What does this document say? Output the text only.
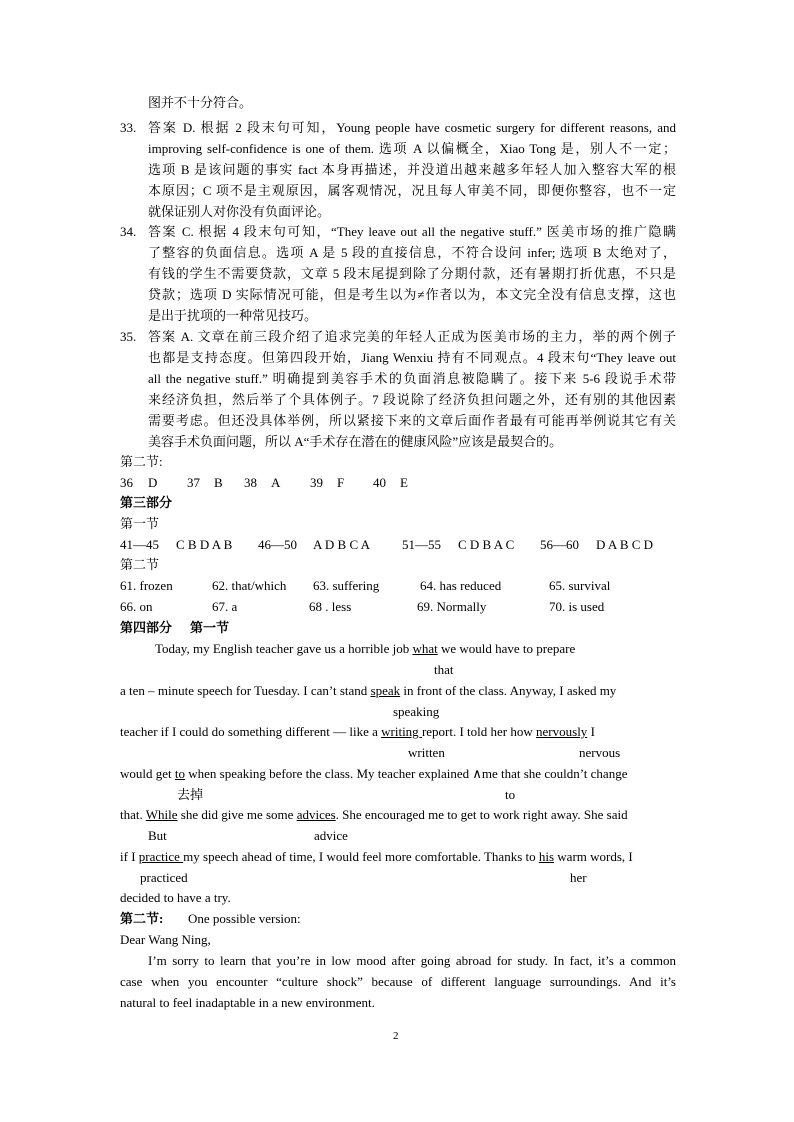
图并不十分符合。
33. 答案 D. 根据 2 段末句可知，Young people have cosmetic surgery for different reasons, and
improving self-confidence is one of them. 选项 A 以偏概全，Xiao Tong 是，别人不一定；
选项 B 是该问题的事实 fact 本身再描述，并没道出越来越多年轻人加入整容大军的根
本原因；C 项不是主观原因，属客观情况，况且每人审美不同，即便你整容，也不一定
就保证别人对你没有负面评论。
34. 答案 C. 根据 4 段末句可知，“They leave out all the negative stuff.” 医美市场的推广隐瞒
了整容的负面信息。选项 A 是 5 段的直接信息，不符合设问 infer; 选项 B 太绝对了，
有钱的学生不需要贷款，文章 5 段末尾提到除了分期付款，还有暑期打折优惠，不只是
贷款；选项 D 实际情况可能，但是考生以为≠作者以为，本文完全没有信息支撑，这也
是出于扰项的一种常见技巧。
35. 答案 A. 文章在前三段介绍了追求完美的年轻人正成为医美市场的主力，举的两个例子
也都是支持态度。但第四段开始，Jiang Wenxiu 持有不同观点。4 段末句“They leave out
all the negative stuff.” 明确提到美容手术的负面消息被隐瞒了。接下来 5-6 段说手术带
来经济负担，然后举了个具体例子。7 段说除了经济负担问题之外，还有别的其他因素
需要考虑。但还没具体举例，所以紧接下来的文章后面作者最有可能再举例说其它有关
美容手术负面问题，所以 A“手术存在潜在的健康风险”应该是最契合的。
第二节:
36 D 37 B 38 A 39 F 40 E
第三部分
第一节
41—45 C B D A B 46—50 A D B C A 51—55 C D B A C 56—60 D A B C D
第二节
61. frozen	62. that/which 63. suffering	64. has reduced	65. survival
66. on	67. a	68 . less	69. Normally	70. is used
第四部分 第一节
Today, my English teacher gave us a horrible job what we would have to prepare
that
a ten – minute speech for Tuesday. I can’t stand speak in front of the class. Anyway, I asked my
speaking
teacher if I could do something different — like a writing report. I told her how nervously I
written	nervous
would get to when speaking before the class. My teacher explained ∧me that she couldn’t change
去掉	to
that. While she did give me some advices. She encouraged me to get to work right away. She said
But	advice
if I practice my speech ahead of time, I would feel more comfortable. Thanks to his warm words, I
practiced	her
decided to have a try.
第二节: One possible version:
Dear Wang Ning,
I’m sorry to learn that you’re in low mood after going abroad for study. In fact, it’s a common
case when you encounter “culture shock” because of different language surroundings. And it’s
natural to feel inadaptable in a new environment.
2
